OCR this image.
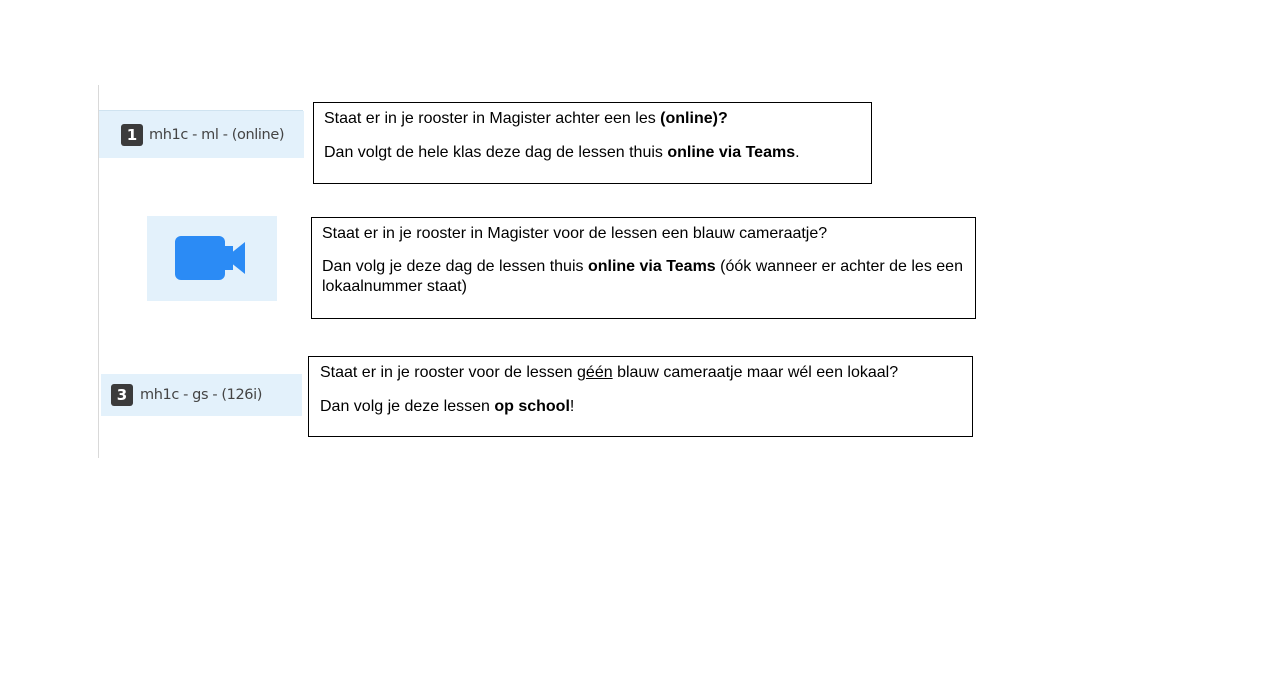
1 mh1c - ml - (online)

Staat er in je rooster in Magister achter een les (online)?

Dan volgt de hele klas deze dag de lessen thuis online via Teams.

Staat er in je rooster in Magister voor de lessen een blauw cameraatje?

Dan volg je deze dag de lessen thuis online via Teams (óók wanneer er achter de les een lokaalnummer staat)

3 mh1c - gs - (126i)

Staat er in je rooster voor de lessen géén blauw cameraatje maar wél een lokaal?

Dan volg je deze lessen op school!
